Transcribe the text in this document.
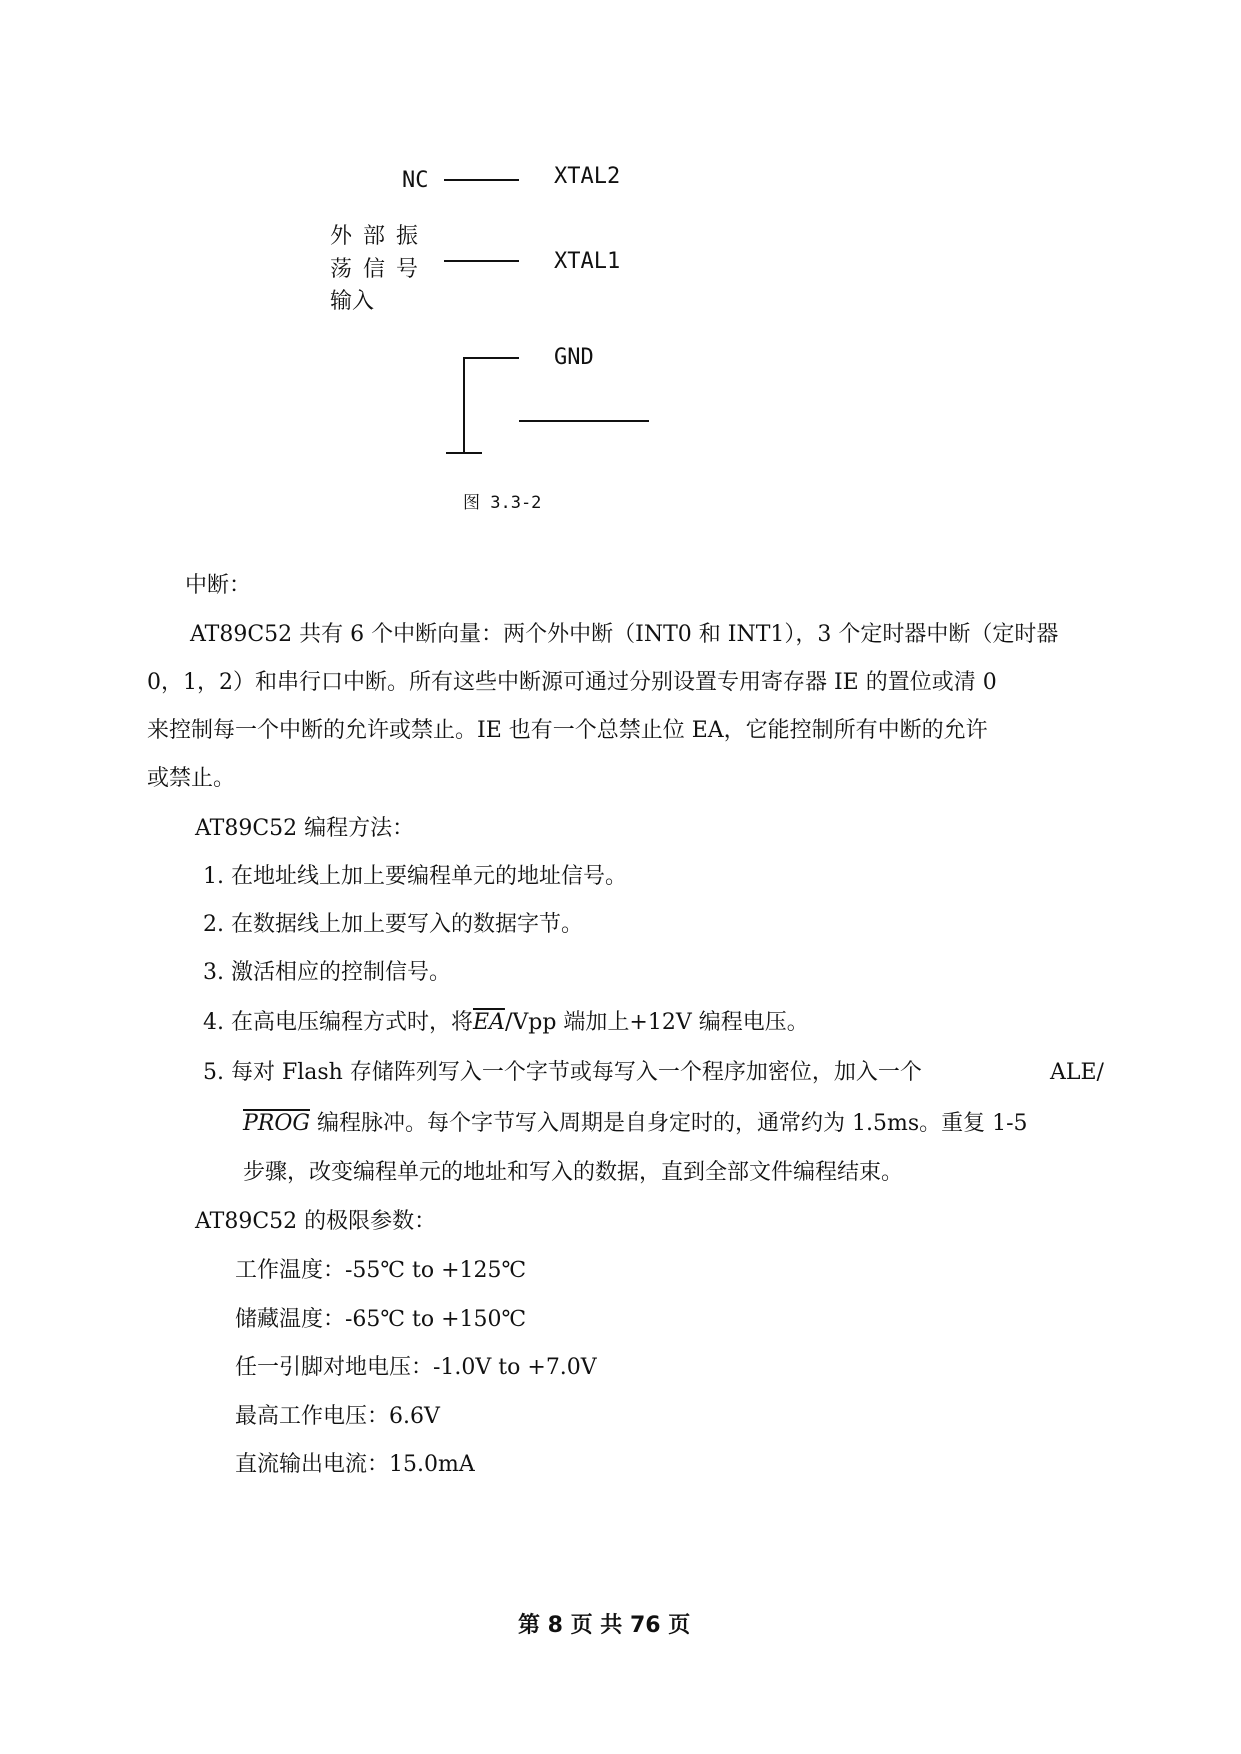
NC	XTAL2
外 部 振
荡 信 号
输入
XTAL1
GND
图 3.3-2
中断：
AT89C52 共有 6 个中断向量：两个外中断（INT0 和 INT1），3 个定时器中断（定时器
0，1，2）和串行口中断。所有这些中断源可通过分别设置专用寄存器 IE 的置位或清 0
来控制每一个中断的允许或禁止。IE 也有一个总禁止位 EA，它能控制所有中断的允许
或禁止。
AT89C52 编程方法：
1. 在地址线上加上要编程单元的地址信号。
2. 在数据线上加上要写入的数据字节。
3. 激活相应的控制信号。
4. 在高电压编程方式时，将$\overline{EA}$/Vpp 端加上+12V 编程电压。
5. 每对 Flash 存储阵列写入一个字节或每写入一个程序加密位，加入一个	ALE/
PROG 编程脉冲。每个字节写入周期是自身定时的，通常约为 1.5ms。重复 1-5
步骤，改变编程单元的地址和写入的数据，直到全部文件编程结束。
AT89C52 的极限参数：
工作温度：-55℃ to +125℃
储藏温度：-65℃ to +150℃
任一引脚对地电压：-1.0V to +7.0V
最高工作电压：6.6V
直流输出电流：15.0mA
第 8 页 共 76 页
